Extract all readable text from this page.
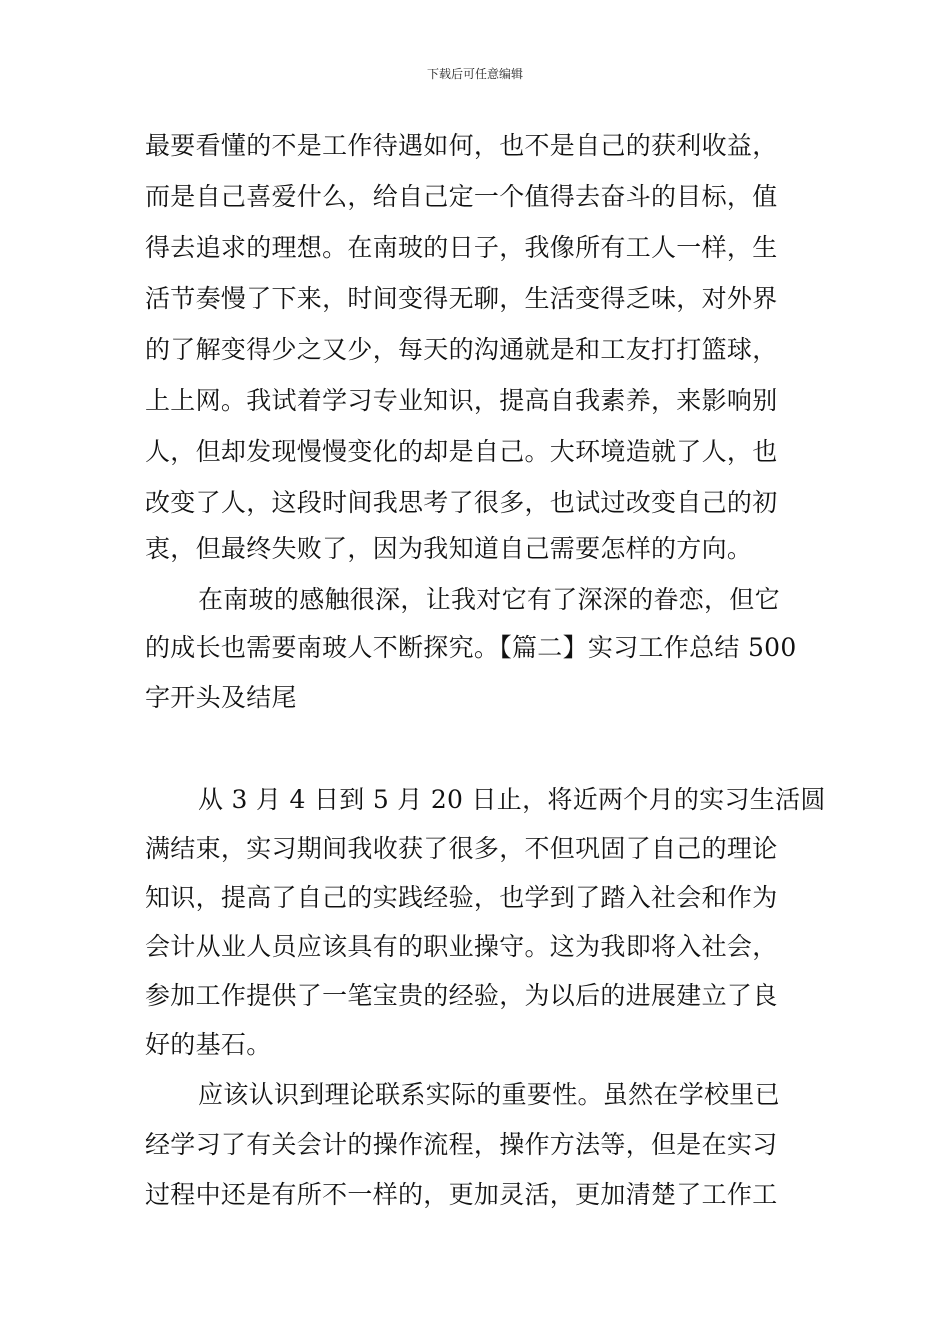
下载后可任意编辑
最要看懂的不是工作待遇如何，也不是自己的获利收益，
而是自己喜爱什么，给自己定一个值得去奋斗的目标，值
得去追求的理想。在南玻的日子，我像所有工人一样，生
活节奏慢了下来，时间变得无聊，生活变得乏味，对外界
的了解变得少之又少，每天的沟通就是和工友打打篮球，
上上网。我试着学习专业知识，提高自我素养，来影响别
人，但却发现慢慢变化的却是自己。大环境造就了人，也
改变了人，这段时间我思考了很多，也试过改变自己的初
衷，但最终失败了，因为我知道自己需要怎样的方向。
在南玻的感触很深，让我对它有了深深的眷恋，但它
的成长也需要南玻人不断探究。【篇二】实习工作总结 500
字开头及结尾
从 3 月 4 日到 5 月 20 日止，将近两个月的实习生活圆
满结束，实习期间我收获了很多，不但巩固了自己的理论
知识，提高了自己的实践经验，也学到了踏入社会和作为
会计从业人员应该具有的职业操守。这为我即将入社会，
参加工作提供了一笔宝贵的经验，为以后的进展建立了良
好的基石。
应该认识到理论联系实际的重要性。虽然在学校里已
经学习了有关会计的操作流程，操作方法等，但是在实习
过程中还是有所不一样的，更加灵活，更加清楚了工作工
